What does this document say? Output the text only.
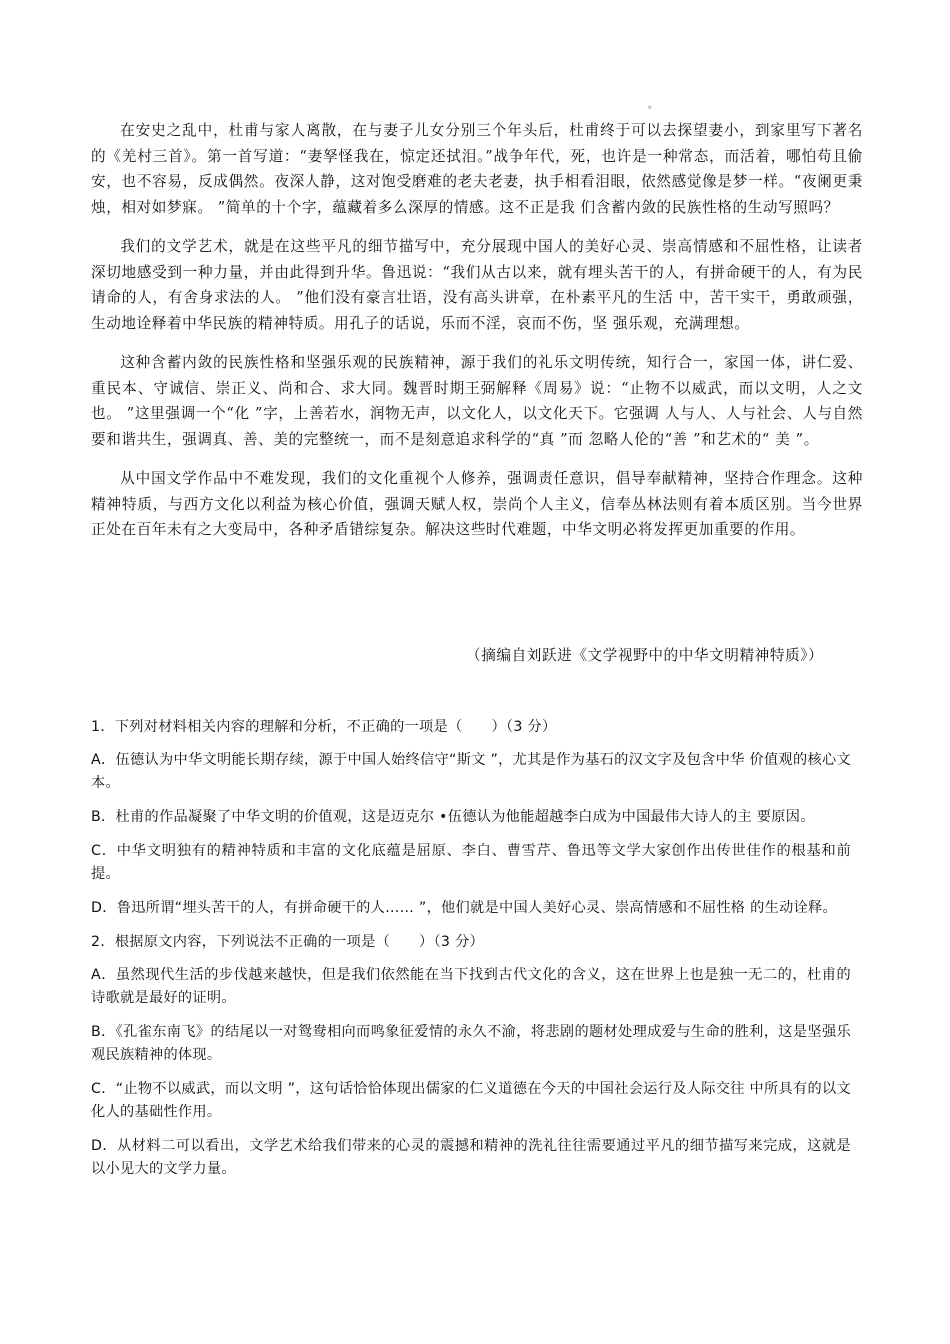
。

在安史之乱中，杜甫与家人离散，在与妻子儿女分别三个年头后，杜甫终于可以去探望妻小，到家里写下著名的《羌村三首》。第一首写道：“妻孥怪我在，惊定还拭泪。”战争年代，死，也许是一种常态，而活着，哪怕苟且偷安，也不容易，反成偶然。夜深人静，这对饱受磨难的老夫老妻，执手相看泪眼，依然感觉像是梦一样。“夜阑更秉烛，相对如梦寐。 ”简单的十个字，蕴藏着多么深厚的情感。这不正是我 们含蓄内敛的民族性格的生动写照吗？

我们的文学艺术，就是在这些平凡的细节描写中，充分展现中国人的美好心灵、崇高情感和不屈性格，让读者深切地感受到一种力量，并由此得到升华。鲁迅说：“我们从古以来，就有埋头苦干的人，有拼命硬干的人，有为民请命的人，有舍身求法的人。 ”他们没有豪言壮语，没有高头讲章，在朴素平凡的生活 中，苦干实干，勇敢顽强，生动地诠释着中华民族的精神特质。用孔子的话说，乐而不淫，哀而不伤，坚 强乐观，充满理想。

这种含蓄内敛的民族性格和坚强乐观的民族精神，源于我们的礼乐文明传统，知行合一，家国一体，讲仁爱、重民本、守诚信、崇正义、尚和合、求大同。魏晋时期王弼解释《周易》说：“止物不以威武，而以文明，人之文也。 ”这里强调一个“化 ”字，上善若水，润物无声，以文化人，以文化天下。它强调 人与人、人与社会、人与自然要和谐共生，强调真、善、美的完整统一，而不是刻意追求科学的“真 ”而 忽略人伦的“善 ”和艺术的“ 美 ”。

从中国文学作品中不难发现，我们的文化重视个人修养，强调责任意识，倡导奉献精神，坚持合作理念。这种精神特质，与西方文化以利益为核心价值，强调天赋人权，崇尚个人主义，信奉丛林法则有着本质区别。当今世界正处在百年未有之大变局中，各种矛盾错综复杂。解决这些时代难题，中华文明必将发挥更加重要的作用。

（摘编自刘跃进《文学视野中的中华文明精神特质》）
1．下列对材料相关内容的理解和分析，不正确的一项是（　　）（3 分）
A．伍德认为中华文明能长期存续，源于中国人始终信守“斯文 ”，尤其是作为基石的汉文字及包含中华 价值观的核心文本。
B．杜甫的作品凝聚了中华文明的价值观，这是迈克尔 •伍德认为他能超越李白成为中国最伟大诗人的主 要原因。
C．中华文明独有的精神特质和丰富的文化底蕴是屈原、李白、曹雪芹、鲁迅等文学大家创作出传世佳作的根基和前提。
D．鲁迅所谓“埋头苦干的人，有拼命硬干的人…… ”，他们就是中国人美好心灵、崇高情感和不屈性格 的生动诠释。
2．根据原文内容，下列说法不正确的一项是（　　）（3 分）
A．虽然现代生活的步伐越来越快，但是我们依然能在当下找到古代文化的含义，这在世界上也是独一无二的，杜甫的诗歌就是最好的证明。
B．《孔雀东南飞》的结尾以一对鸳鸯相向而鸣象征爱情的永久不渝，将悲剧的题材处理成爱与生命的胜利，这是坚强乐观民族精神的体现。
C．“止物不以威武，而以文明 ”，这句话恰恰体现出儒家的仁义道德在今天的中国社会运行及人际交往 中所具有的以文化人的基础性作用。
D．从材料二可以看出，文学艺术给我们带来的心灵的震撼和精神的洗礼往往需要通过平凡的细节描写来完成，这就是以小见大的文学力量。
